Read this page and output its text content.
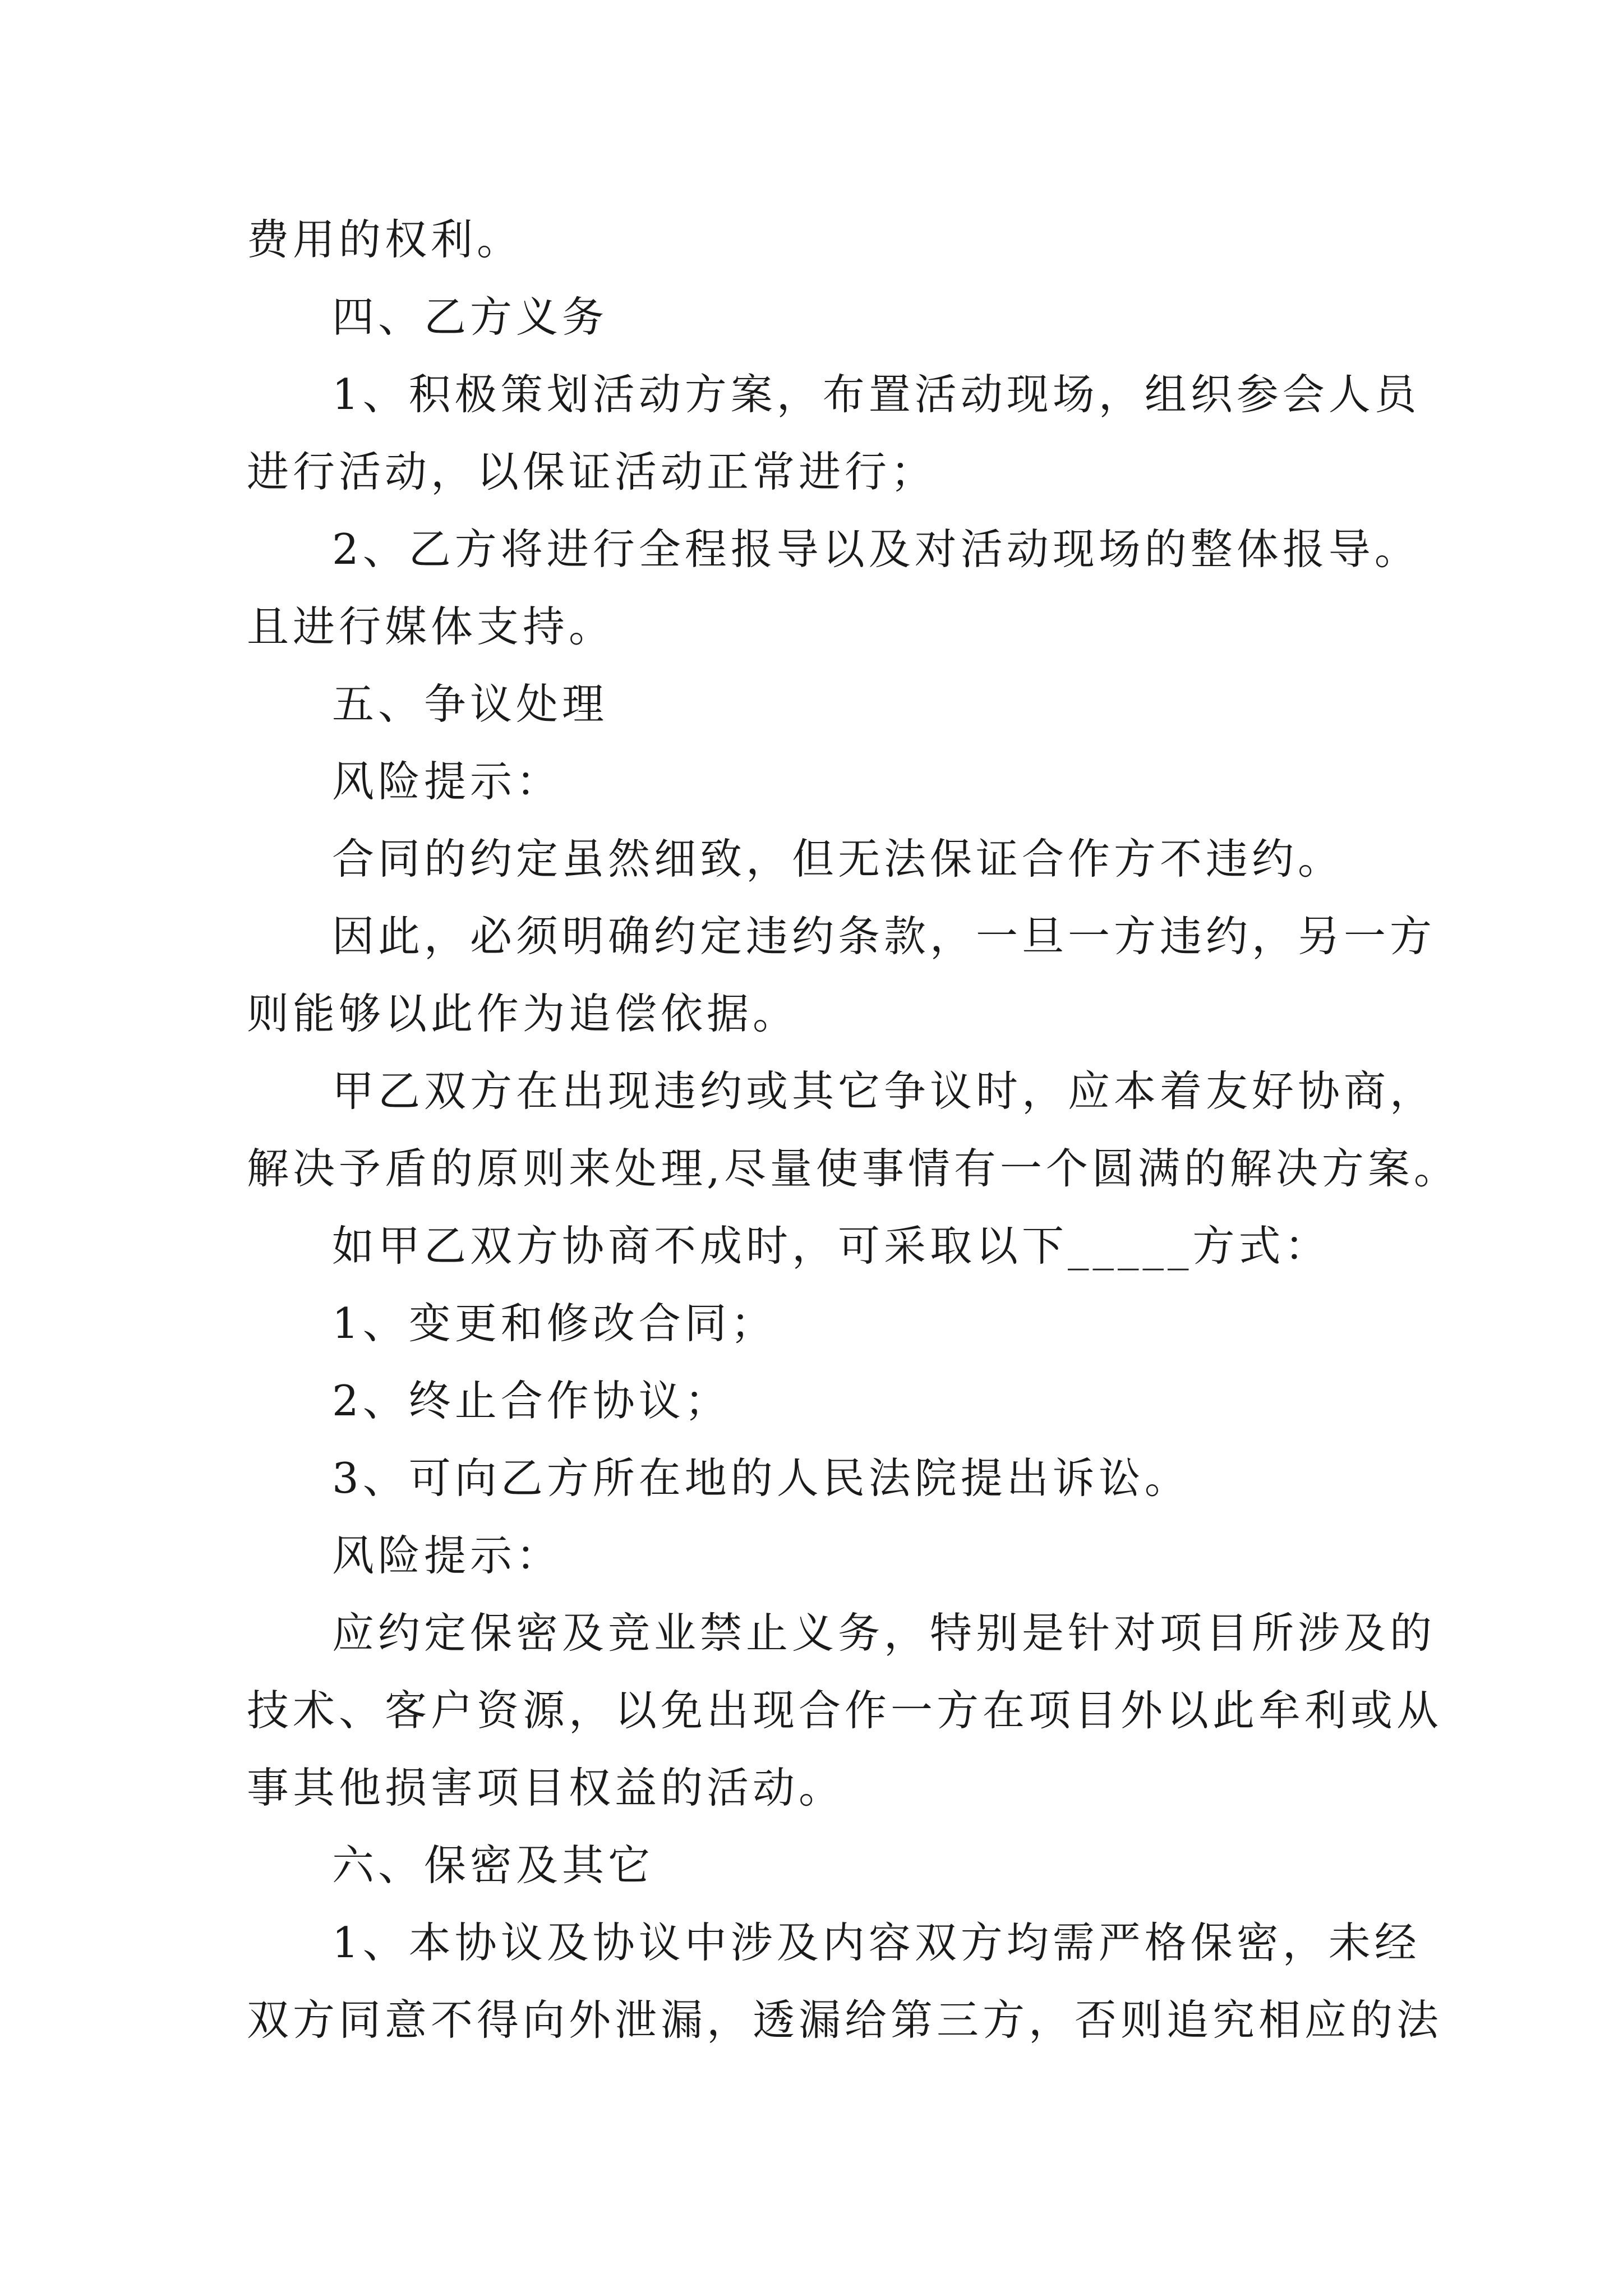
费用的权利。
四、乙方义务
1、积极策划活动方案，布置活动现场，组织参会人员
进行活动，以保证活动正常进行；
2、乙方将进行全程报导以及对活动现场的整体报导。
且进行媒体支持。
五、争议处理
风险提示：
合同的约定虽然细致，但无法保证合作方不违约。
因此，必须明确约定违约条款，一旦一方违约，另一方
则能够以此作为追偿依据。
甲乙双方在出现违约或其它争议时，应本着友好协商，
解决予盾的原则来处理,尽量使事情有一个圆满的解决方案。
如甲乙双方协商不成时，可采取以下_____方式：
1、变更和修改合同；
2、终止合作协议；
3、可向乙方所在地的人民法院提出诉讼。
风险提示：
应约定保密及竞业禁止义务，特别是针对项目所涉及的
技术、客户资源，以免出现合作一方在项目外以此牟利或从
事其他损害项目权益的活动。
六、保密及其它
1、本协议及协议中涉及内容双方均需严格保密，未经
双方同意不得向外泄漏，透漏给第三方，否则追究相应的法
